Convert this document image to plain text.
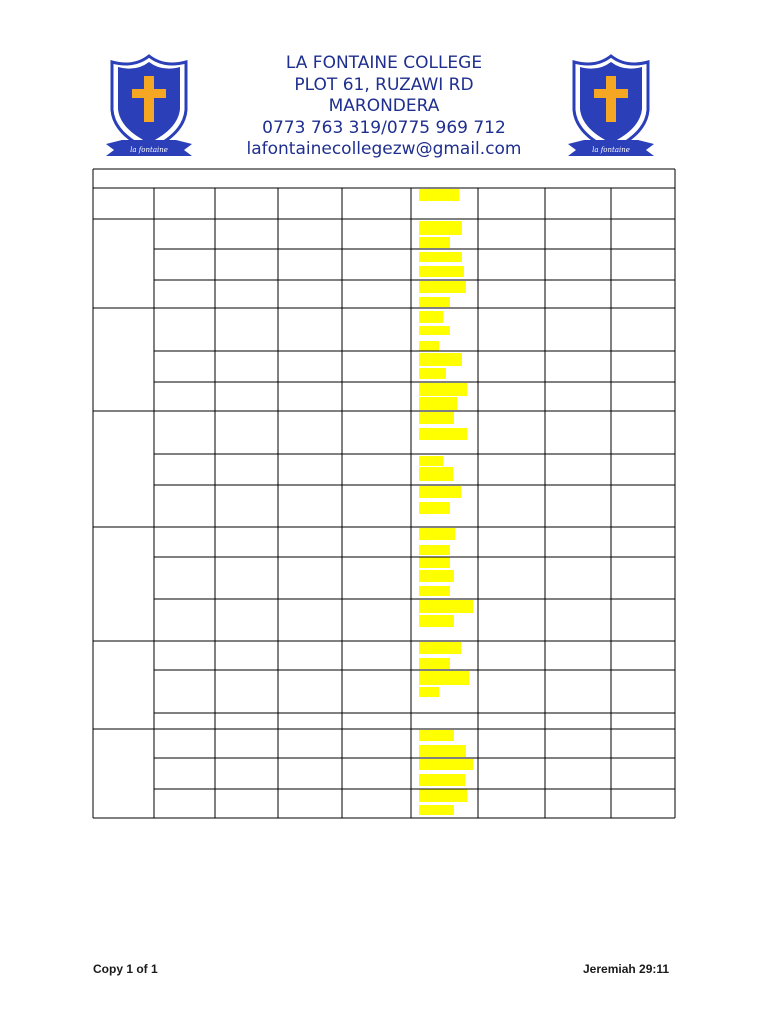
la fontaine	la fontaine
LA FONTAINE COLLEGE
PLOT 61, RUZAWI RD
MARONDERA
0773 763 319/0775 969 712
lafontainecollegezw@gmail.com
Copy 1 of 1	Jeremiah 29:11
